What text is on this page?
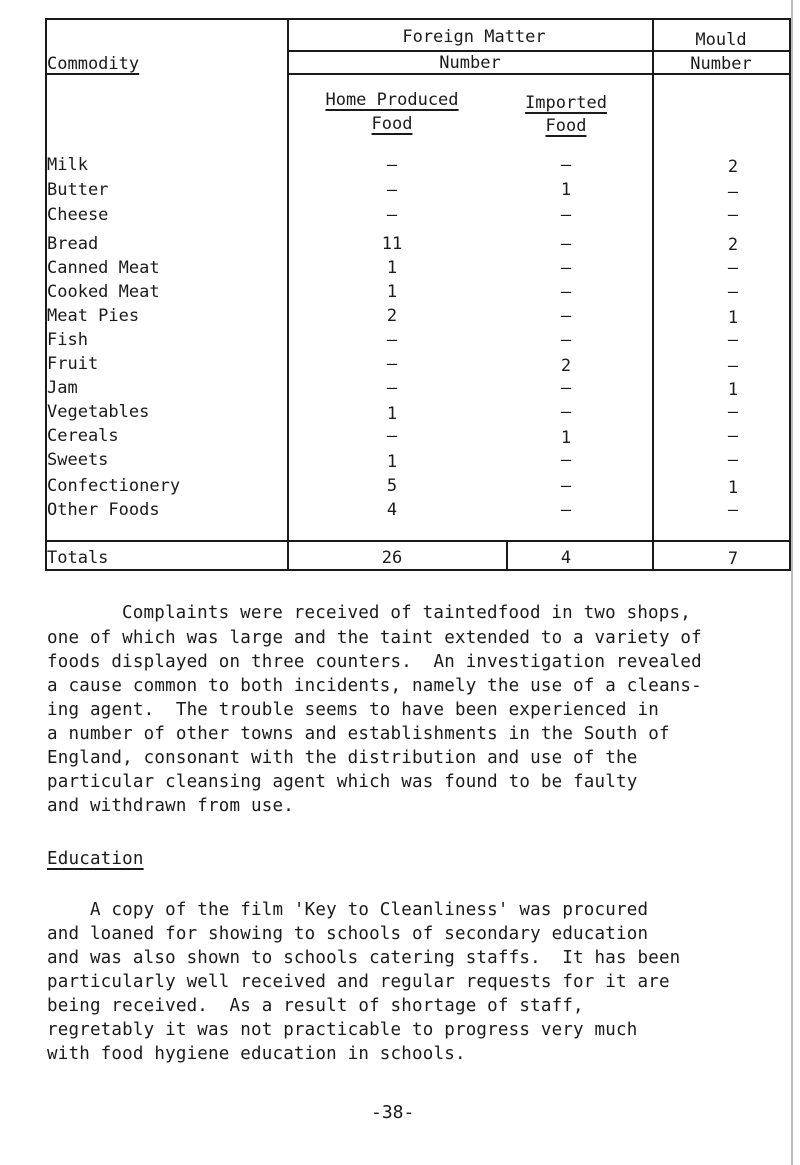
Commodity
Foreign Matter	Mould
Number	Number
Home Produced
Food
Imported
Food
Milk	–	–	2
Butter	–	1	–
Cheese	–	–	–
Bread	11	–	2
Canned Meat	1	–	–
Cooked Meat	1	–	–
Meat Pies	2	–	1
Fish	–	–	–
Fruit	–	2	–
Jam	–	–	1
Vegetables	1	–	–
Cereals	–	1	–
Sweets	1	–	–
Confectionery	5	–	1
Other Foods	4	–	–
Totals	26	4	7
Complaints were received of taintedfood in two shops,
one of which was large and the taint extended to a variety of
foods displayed on three counters.  An investigation revealed
a cause common to both incidents, namely the use of a cleans-
ing agent.  The trouble seems to have been experienced in
a number of other towns and establishments in the South of
England, consonant with the distribution and use of the
particular cleansing agent which was found to be faulty
and withdrawn from use.
Education
A copy of the film 'Key to Cleanliness' was procured
and loaned for showing to schools of secondary education
and was also shown to schools catering staffs.  It has been
particularly well received and regular requests for it are
being received.  As a result of shortage of staff,
regretably it was not practicable to progress very much
with food hygiene education in schools.
-38-
